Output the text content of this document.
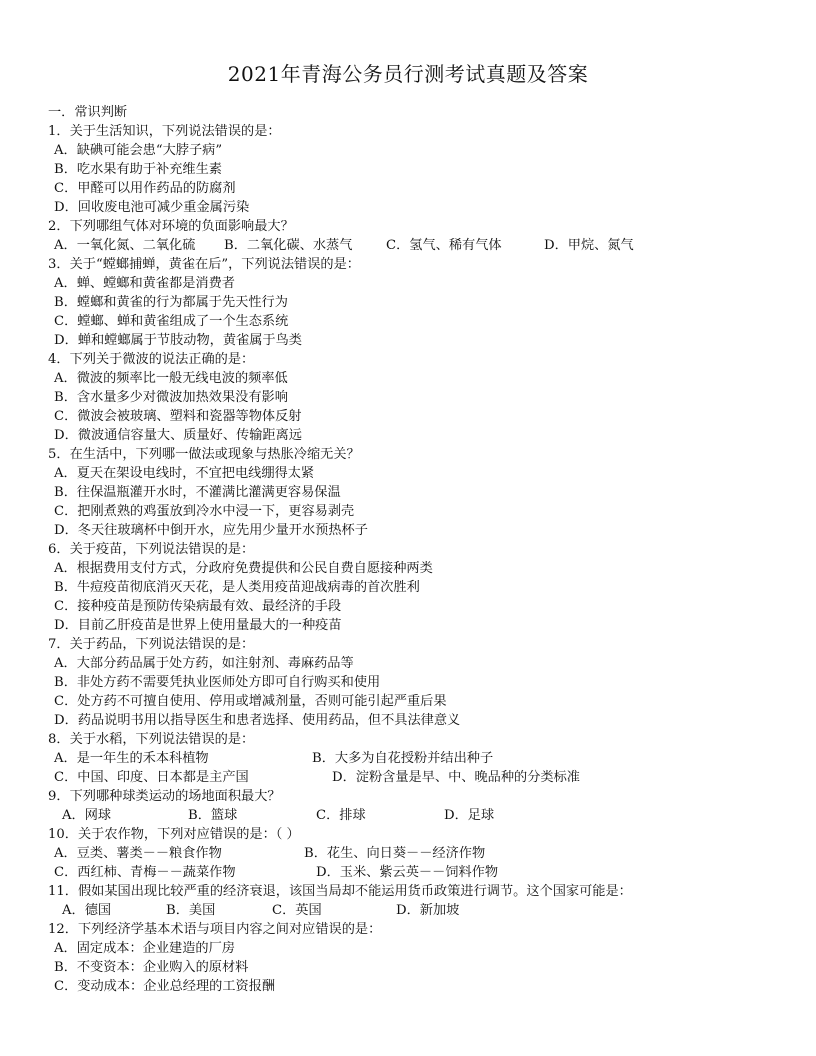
2021年青海公务员行测考试真题及答案
一．常识判断
1．关于生活知识，下列说法错误的是：
A．缺碘可能会患“大脖子病”
B．吃水果有助于补充维生素
C．甲醛可以用作药品的防腐剂
D．回收废电池可减少重金属污染
2．下列哪组气体对环境的负面影响最大？
A．一氧化氮、二氧化硫	B．二氧化碳、水蒸气	C．氢气、稀有气体	D．甲烷、氮气
3．关于“螳螂捕蝉，黄雀在后”，下列说法错误的是：
A．蝉、螳螂和黄雀都是消费者
B．螳螂和黄雀的行为都属于先天性行为
C．螳螂、蝉和黄雀组成了一个生态系统
D．蝉和螳螂属于节肢动物，黄雀属于鸟类
4．下列关于微波的说法正确的是：
A．微波的频率比一般无线电波的频率低
B．含水量多少对微波加热效果没有影响
C．微波会被玻璃、塑料和瓷器等物体反射
D．微波通信容量大、质量好、传输距离远
5．在生活中，下列哪一做法或现象与热胀冷缩无关？
A．夏天在架设电线时，不宜把电线绷得太紧
B．往保温瓶灌开水时，不灌满比灌满更容易保温
C．把刚煮熟的鸡蛋放到冷水中浸一下，更容易剥壳
D．冬天往玻璃杯中倒开水，应先用少量开水预热杯子
6．关于疫苗，下列说法错误的是：
A．根据费用支付方式，分政府免费提供和公民自费自愿接种两类
B．牛痘疫苗彻底消灭天花，是人类用疫苗迎战病毒的首次胜利
C．接种疫苗是预防传染病最有效、最经济的手段
D．目前乙肝疫苗是世界上使用量最大的一种疫苗
7．关于药品，下列说法错误的是：
A．大部分药品属于处方药，如注射剂、毒麻药品等
B．非处方药不需要凭执业医师处方即可自行购买和使用
C．处方药不可擅自使用、停用或增减剂量，否则可能引起严重后果
D．药品说明书用以指导医生和患者选择、使用药品，但不具法律意义
8．关于水稻，下列说法错误的是：
A．是一年生的禾本科植物	B．大多为自花授粉并结出种子
C．中国、印度、日本都是主产国	D．淀粉含量是早、中、晚品种的分类标准
9．下列哪种球类运动的场地面积最大？
A．网球	B．篮球	C．排球	D．足球
10．关于农作物，下列对应错误的是：（ ）
A．豆类、薯类－－粮食作物	B．花生、向日葵－－经济作物
C．西红柿、青梅－－蔬菜作物	D．玉米、紫云英－－饲料作物
11．假如某国出现比较严重的经济衰退，该国当局却不能运用货币政策进行调节。这个国家可能是：
A．德国	B．美国	C．英国	D．新加坡
12．下列经济学基本术语与项目内容之间对应错误的是：
A．固定成本：企业建造的厂房
B．不变资本：企业购入的原材料
C．变动成本：企业总经理的工资报酬
